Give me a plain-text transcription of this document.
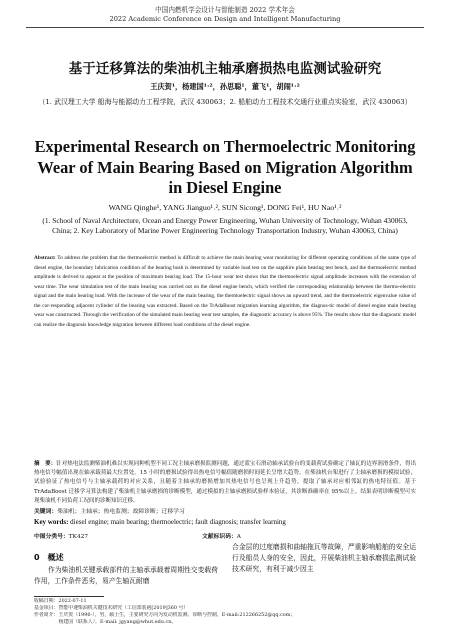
中国内燃机学会设计与智能制造 2022 学术年会
2022 Academic Conference on Design and Intelligent Manufacturing
基于迁移算法的柴油机主轴承磨损热电监测试验研究
王庆贺¹，杨建国¹˒²，孙思聪¹，董飞¹，胡闹¹˒²
（1. 武汉理工大学 船海与能源动力工程学院，武汉 430063；2. 船舶动力工程技术交通行业重点实验室，武汉 430063）
Experimental Research on Thermoelectric Monitoring
Wear of Main Bearing Based on Migration Algorithm
in Diesel Engine
WANG Qinghe¹, YANG Jianguo¹˒², SUN Sicong¹, DONG Fei¹, HU Nao¹˒²
(1. School of Naval Architecture, Ocean and Energy Power Engineering, Wuhan University of Technology, Wuhan 430063, China; 2. Key Laboratory of Marine Power Engineering Technology Transportation Industry, Wuhan 430063, China)
Abstract: To address the problem that the thermoelectric method is difficult to achieve the main bearing wear monitoring for different operating conditions of the same type of diesel engine, the boundary lubrication condition of the bearing bush is determined by variable load test on the sapphire plain bearing test bench, and the thermoelectric method amplitude is derived to appear at the position of maximum bearing load. The 15-hour wear test shows that the thermoelectric signal amplitude increases with the extension of wear time. The wear simulation test of the main bearing was carried out on the diesel engine bench, which verified the corresponding relationship between the thermo-electric signal and the main bearing load. With the increase of the wear of the main bearing, the thermoelectric signal shows an upward trend, and the thermoelectric eigenvalue value of the cor-responding adjacent cylinder of the bearing was extracted. Based on the TrAdaBoost migration learning algorithm, the diagnos-tic model of diesel engine main bearing wear was constructed. Through the verification of the simulated main bearing wear test samples, the diagnostic accuracy is above 95%. The results show that the diagnostic model can realize the diagnosis knowledge migration between different load conditions of the diesel engine.
摘　要：针对热电法监测柴油机难以实现同种机型不同工况主轴承磨损监测问题，通过蓝宝石滑动轴承试验台的变载荷试验确定了轴瓦的边界润滑条件，得出热电信号幅值出现在轴承载荷最大位置处。15 小时的磨损试验得出热电信号幅值随磨损时间延长呈增大趋势。在柴油机台架进行了主轴承磨损的模拟试验，试验验证了热电信号与主轴承载荷的对应关系，且随着主轴承的磨损增加其热电信号也呈现上升趋势，提取了轴承对应相邻缸的热电特征值。基于 TrAdaBoost 迁移学习算法构建了柴油机主轴承磨损的诊断模型，通过模拟的主轴承磨损试验样本验证，其诊断准确率在 95%以上。结果表明诊断模型可实现柴油机不同负荷工况间的诊断知识迁移。
关键词：柴油机；主轴承；热电监测；故障诊断；迁移学习
Key words: diesel engine; main bearing; thermoelectric; fault diagnosis; transfer learning
中图分类号：TK427	文献标识码：A
0　概述
作为柴油机关键承载部件的主轴承承载着周期性交变载荷作用，工作条件恶劣，易产生轴瓦耐磨
合金层的过度磨损和曲轴拖瓦等故障，严重影响船舶的安全运行及船员人身的安全，因此，开展柴油机主轴承磨损监测试验技术研究，有利于减少因主
收稿日期：2022-07-11
基金项目：智能中速柴油机关键技术研究（工信部装函[2019]360 号）
作者简介：王庆贺（1996-），男，硕士生，主要研究方向为发动机监测、诊断与控制，E-mail:212266252@qq.com；
　　　　　杨建国（联系人），E-mail: jgyang@whut.edu.cn。
